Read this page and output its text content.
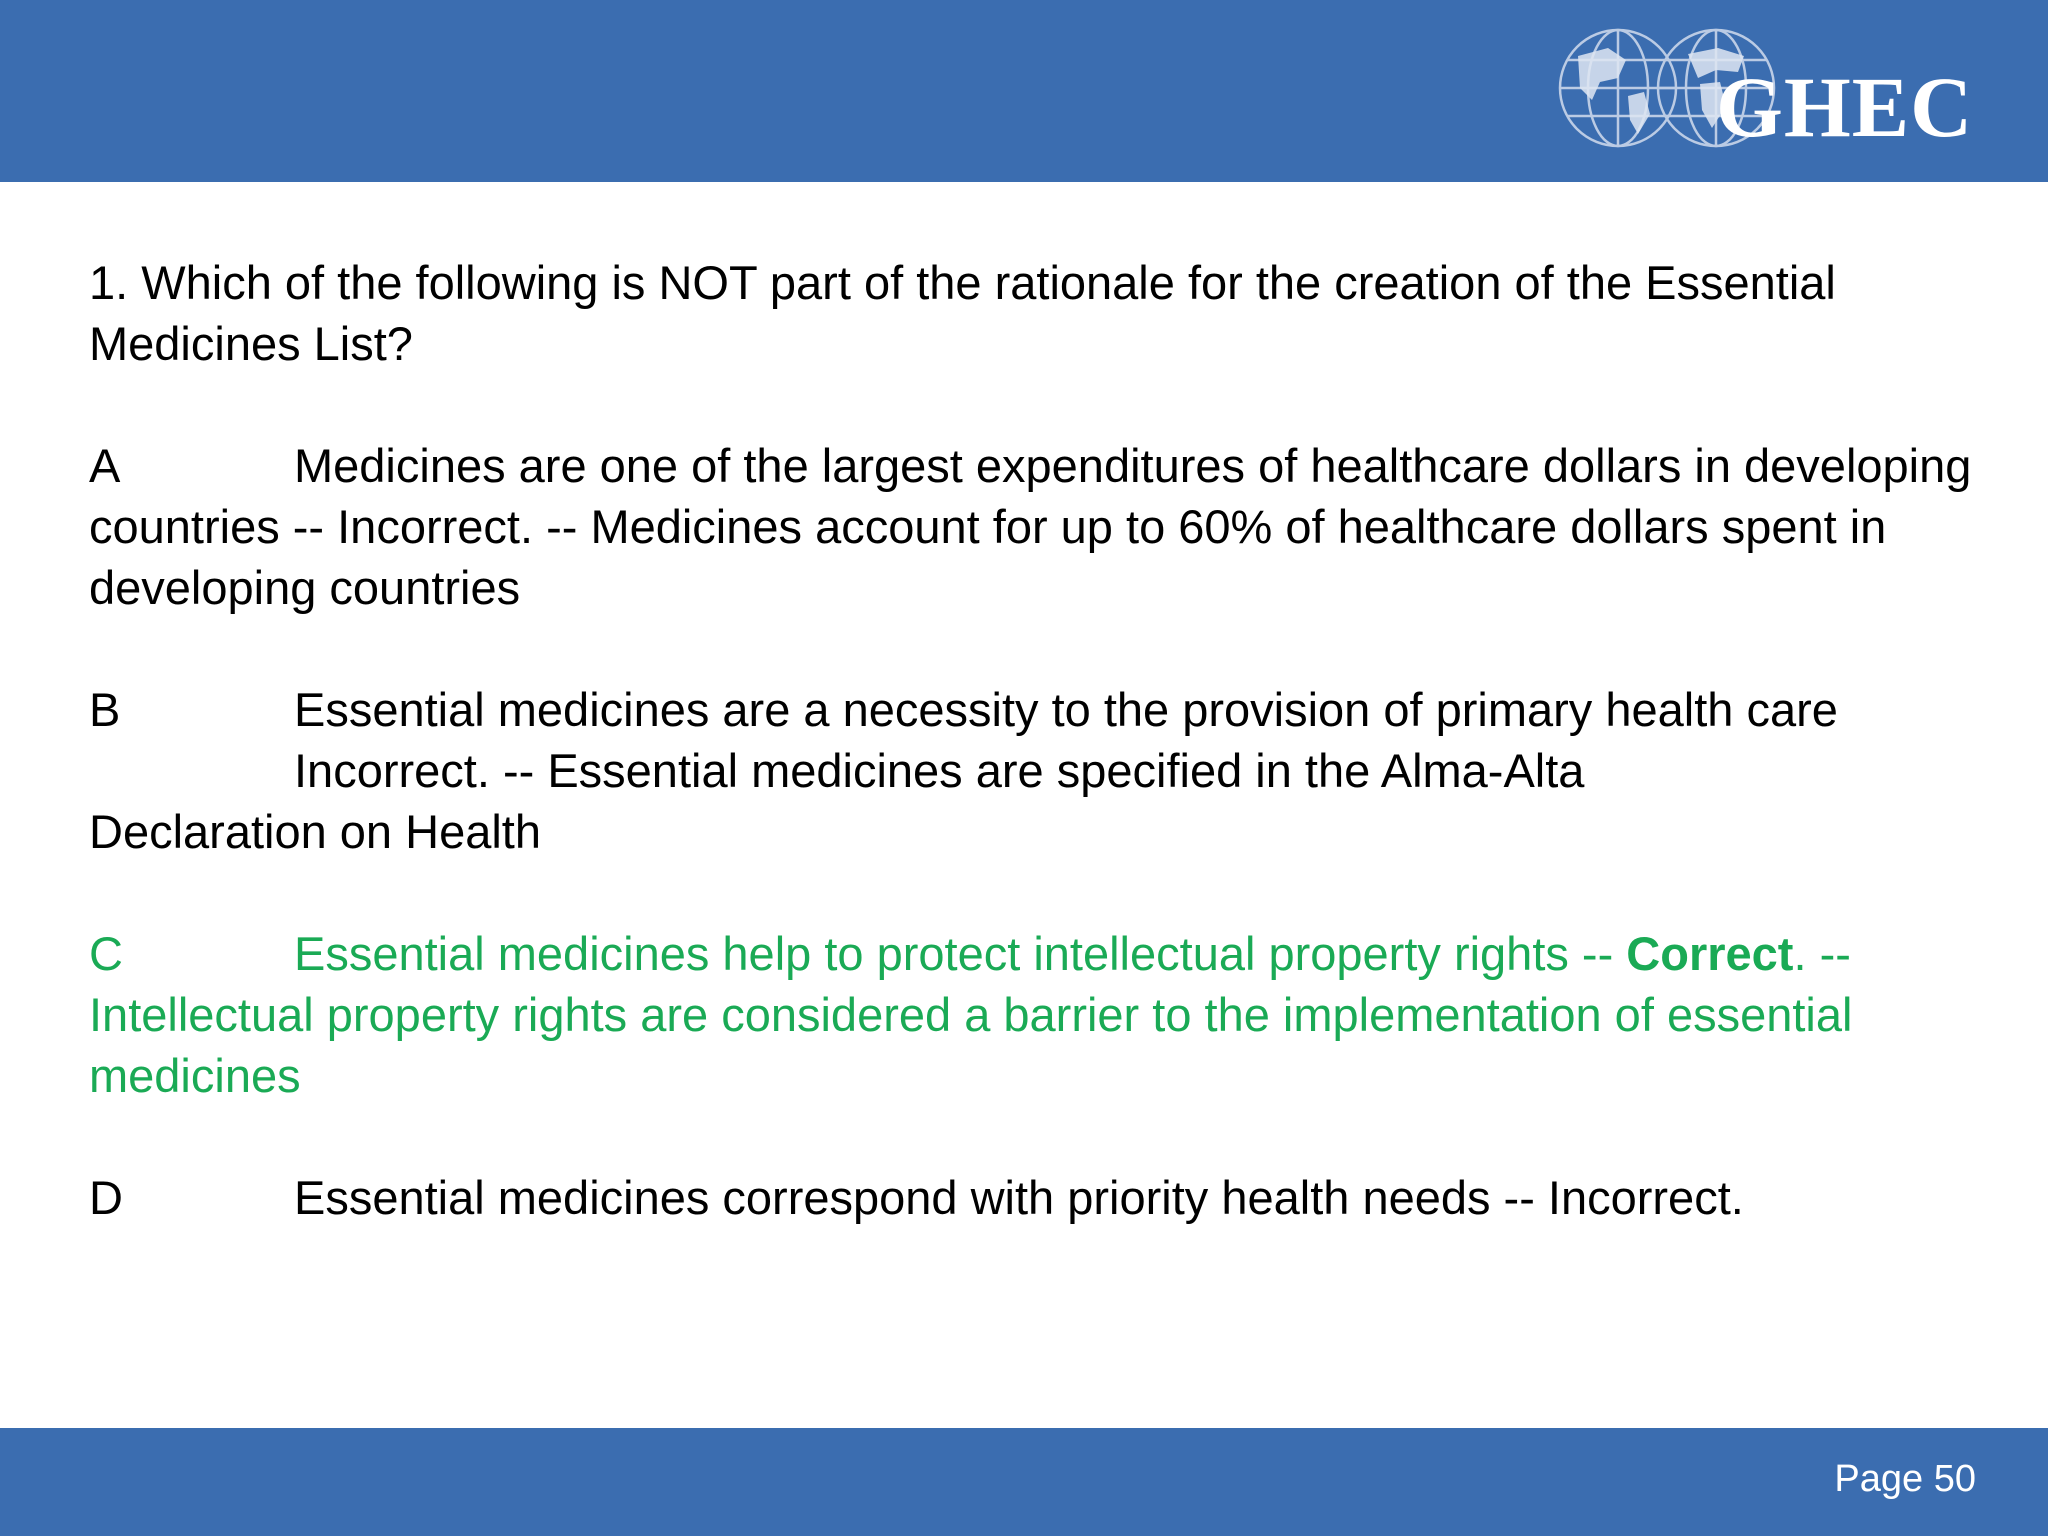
GHEC

1. Which of the following is NOT part of the rationale for the creation of the Essential Medicines List?

A	Medicines are one of the largest expenditures of healthcare dollars in developing countries -- Incorrect. -- Medicines account for up to 60% of healthcare dollars spent in developing countries

B	Essential medicines are a necessity to the provision of primary health care
Incorrect. -- Essential medicines are specified in the Alma-Alta
Declaration on Health

C	Essential medicines help to protect intellectual property rights -- Correct. -- Intellectual property rights are considered a barrier to the implementation of essential medicines

D	Essential medicines correspond with priority health needs -- Incorrect.

Page 50
